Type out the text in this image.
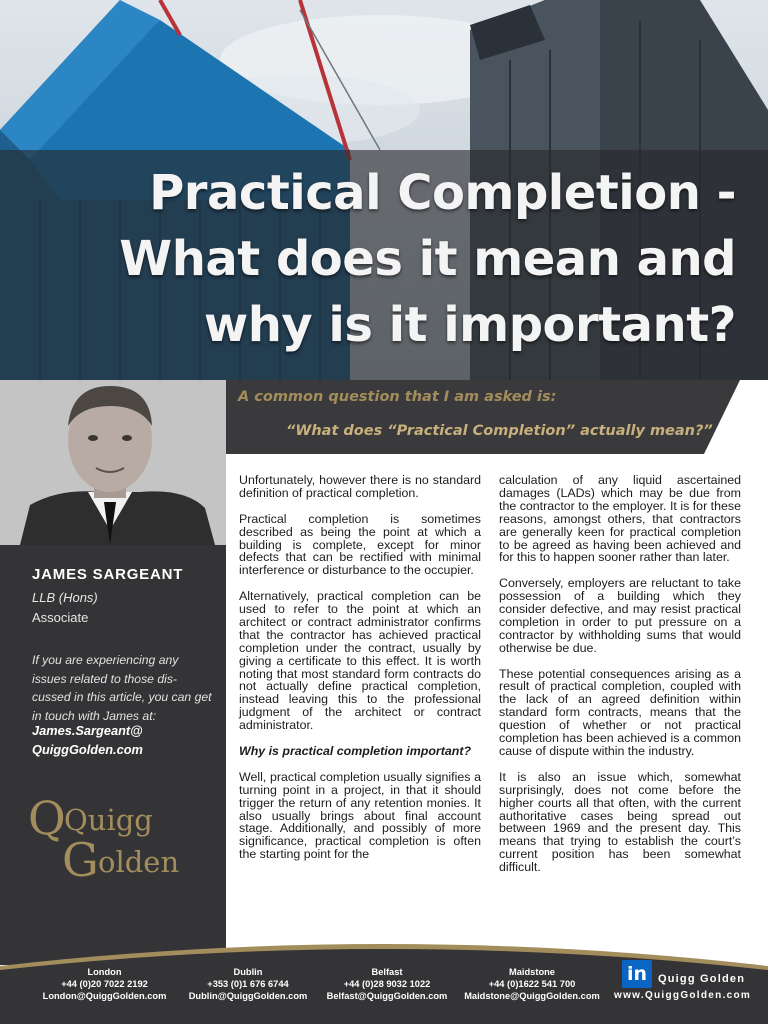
Practical Completion -
What does it mean and
why is it important?
JAMES SARGEANT
LLB (Hons)
Associate
If you are experiencing any issues related to those dis-cussed in this article, you can get in touch with James at:
James.Sargeant@
QuiggGolden.com
Q
Quigg
G olden
A common question that I am asked is:
“What does “Practical Completion” actually mean?”

Unfortunately, however there is no standard definition of practical completion.

Practical completion is sometimes described as being the point at which a building is complete, except for minor defects that can be rectified with minimal interference or disturbance to the occupier.

Alternatively, practical completion can be used to refer to the point at which an architect or contract administrator confirms that the contractor has achieved practical completion under the contract, usually by giving a certificate to this effect. It is worth noting that most standard form contracts do not actually define practical completion, instead leaving this to the professional judgment of the architect or contract administrator.

Why is practical completion important?

Well, practical completion usually signifies a turning point in a project, in that it should trigger the return of any retention monies. It also usually brings about final account stage. Additionally, and possibly of more significance, practical completion is often the starting point for the

calculation of any liquid ascertained damages (LADs) which may be due from the contractor to the employer. It is for these reasons, amongst others, that contractors are generally keen for practical completion to be agreed as having been achieved and for this to happen sooner rather than later.

Conversely, employers are reluctant to take possession of a building which they consider defective, and may resist practical completion in order to put pressure on a contractor by withholding sums that would otherwise be due.

These potential consequences arising as a result of practical completion, coupled with the lack of an agreed definition within standard form contracts, means that the question of whether or not practical completion has been achieved is a common cause of dispute within the industry.

It is also an issue which, somewhat surprisingly, does not come before the higher courts all that often, with the current authoritative cases being spread out between 1969 and the present day. This means that trying to establish the court’s current position has been somewhat difficult.

London
+44 (0)20 7022 2192
London@QuiggGolden.com
Dublin
+353 (0)1 676 6744
Dublin@QuiggGolden.com
Belfast
+44 (0)28 9032 1022
Belfast@QuiggGolden.com
Maidstone
+44 (0)1622 541 700
Maidstone@QuiggGolden.com
in Quigg Golden
www.QuiggGolden.com
